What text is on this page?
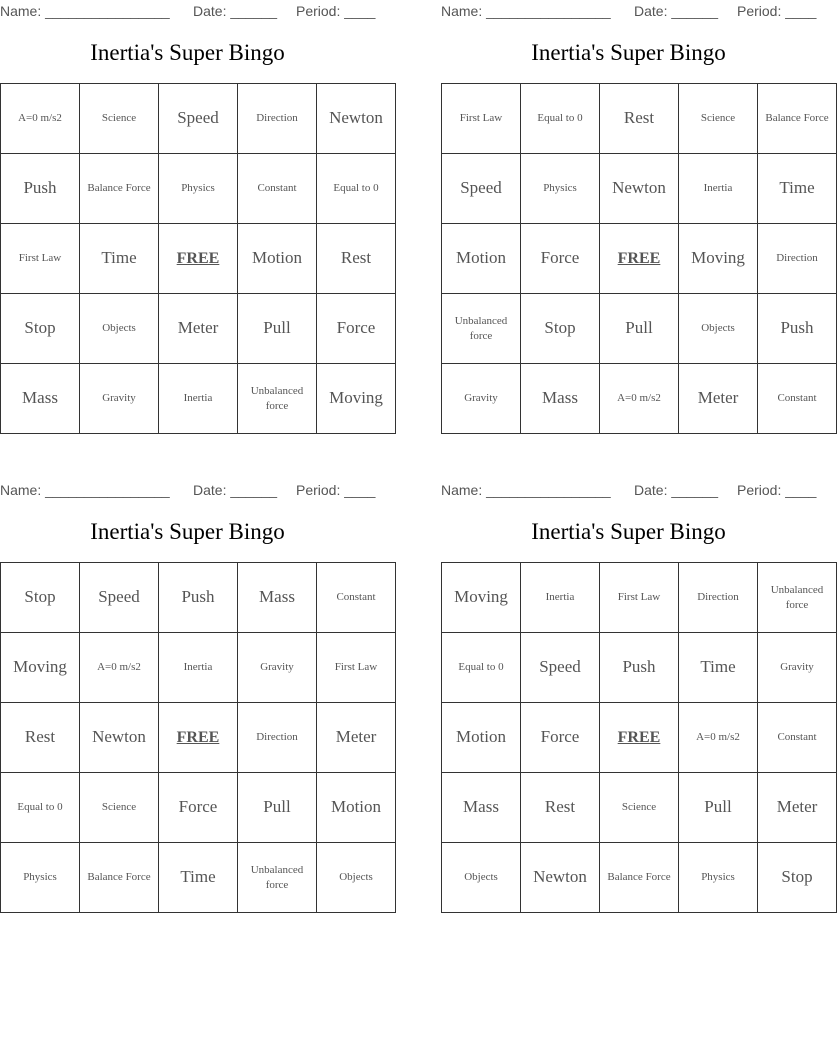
Name: ________________ Date: ______ Period: ____
Inertia's Super Bingo
A=0 m/s2	Science	Speed	Direction	Newton
Push	Balance Force	Physics	Constant	Equal to 0
First Law	Time	FREE	Motion	Rest
Stop	Objects	Meter	Pull	Force
Mass	Gravity	Inertia	Unbalanced force	Moving
Name: ________________ Date: ______ Period: ____
Inertia's Super Bingo
First Law	Equal to 0	Rest	Science	Balance Force
Speed	Physics	Newton	Inertia	Time
Motion	Force	FREE	Moving	Direction
Unbalanced force	Stop	Pull	Objects	Push
Gravity	Mass	A=0 m/s2	Meter	Constant
Name: ________________ Date: ______ Period: ____
Inertia's Super Bingo
Stop	Speed	Push	Mass	Constant
Moving	A=0 m/s2	Inertia	Gravity	First Law
Rest	Newton	FREE	Direction	Meter
Equal to 0	Science	Force	Pull	Motion
Physics	Balance Force	Time	Unbalanced force	Objects
Name: ________________ Date: ______ Period: ____
Inertia's Super Bingo
Moving	Inertia	First Law	Direction	Unbalanced force
Equal to 0	Speed	Push	Time	Gravity
Motion	Force	FREE	A=0 m/s2	Constant
Mass	Rest	Science	Pull	Meter
Objects	Newton	Balance Force	Physics	Stop
